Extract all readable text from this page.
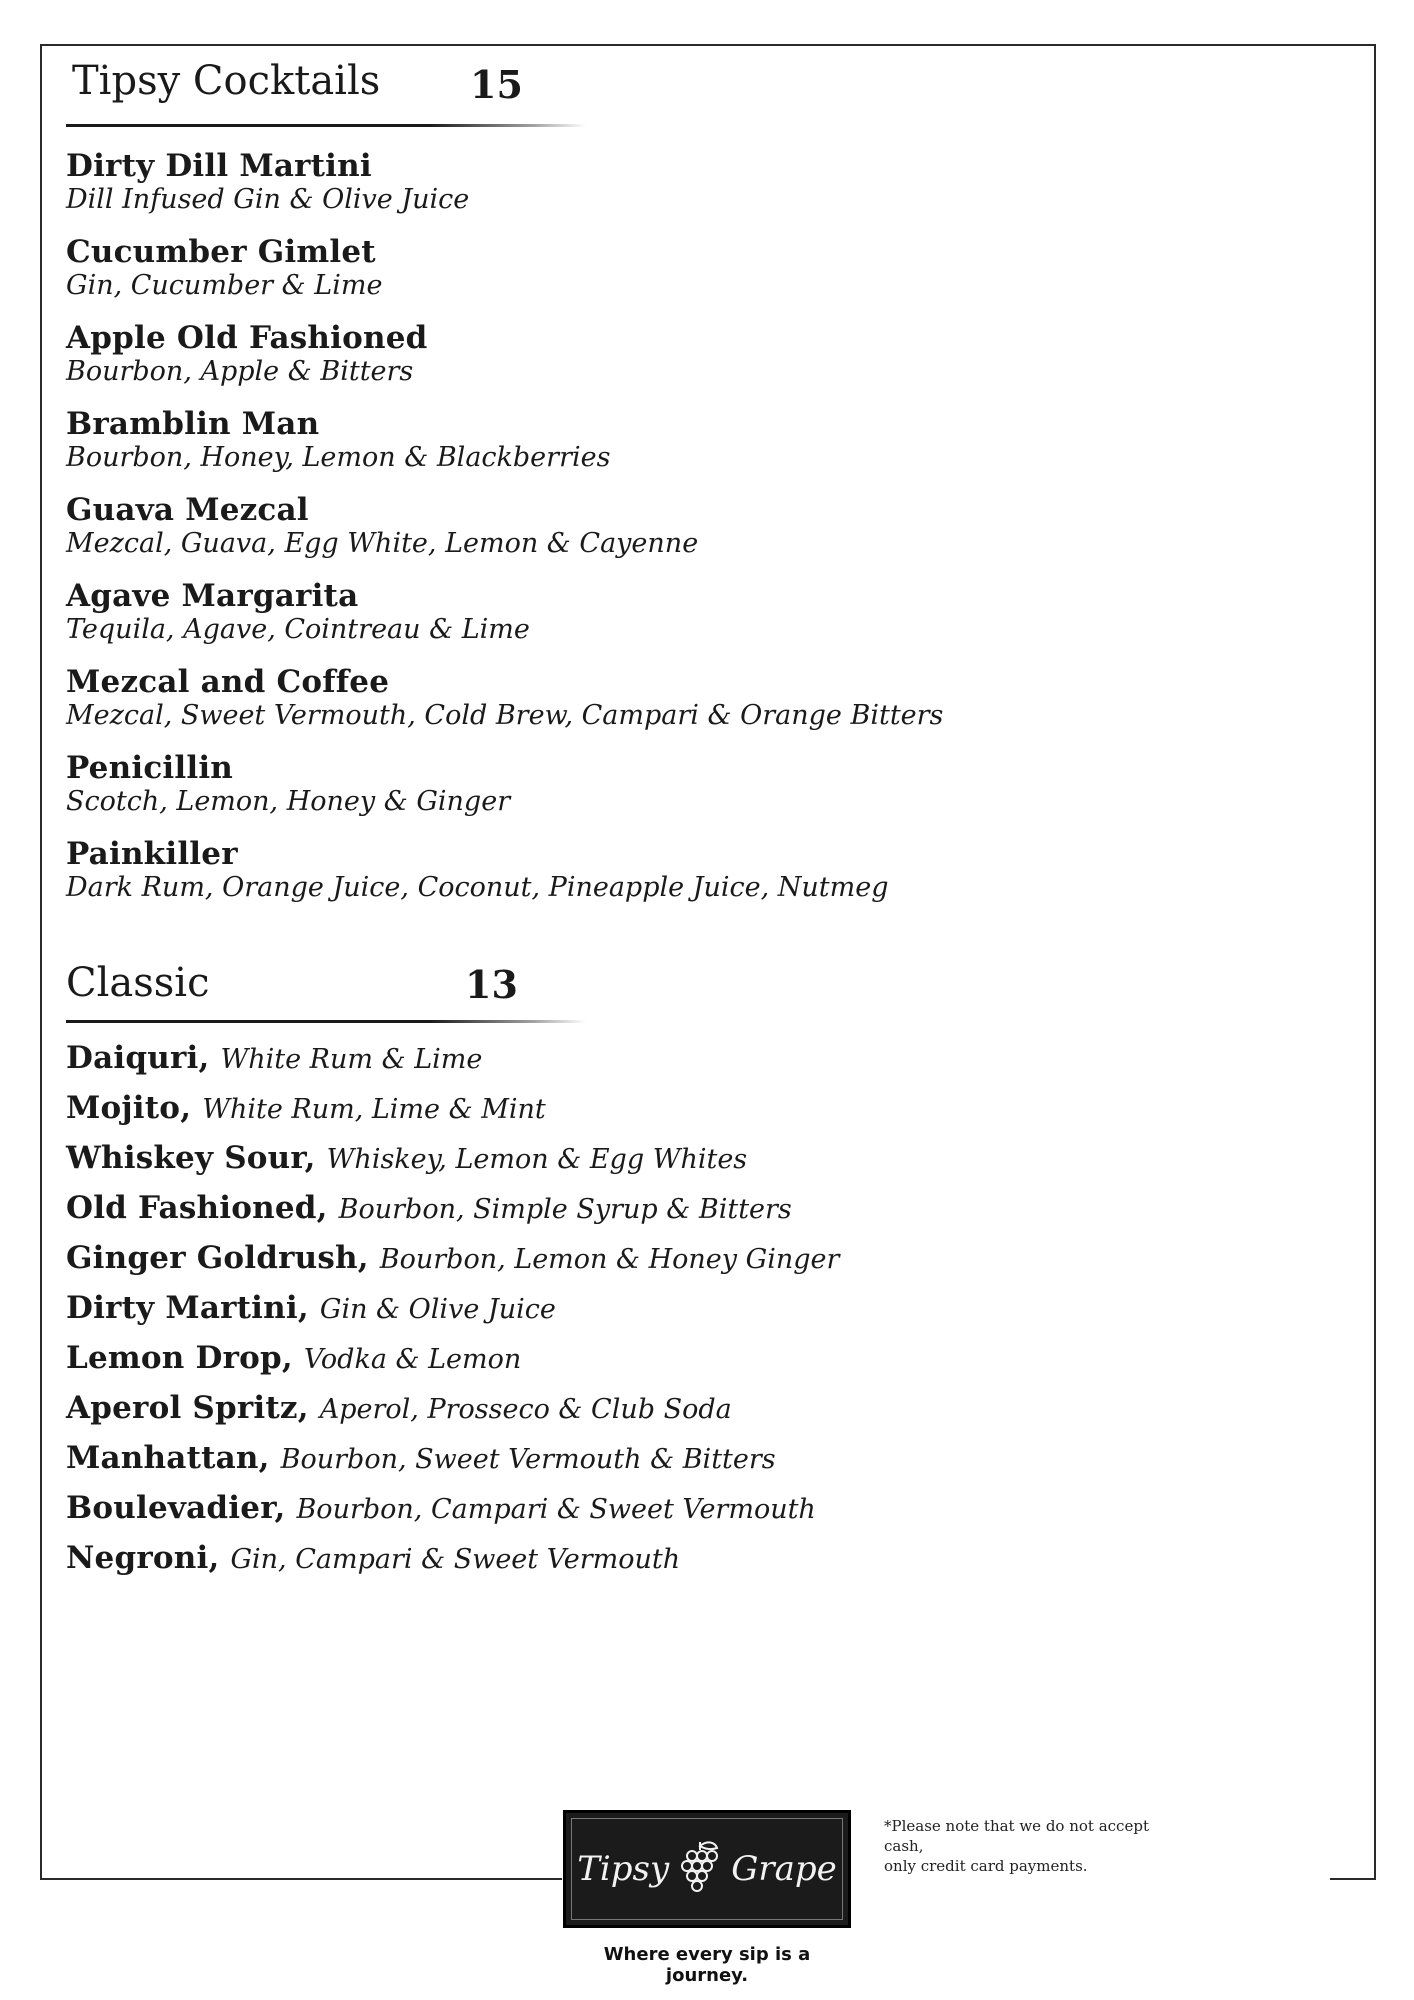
Tipsy Cocktails 15
Dirty Dill Martini
Dill Infused Gin & Olive Juice
Cucumber Gimlet
Gin, Cucumber & Lime
Apple Old Fashioned
Bourbon, Apple & Bitters
Bramblin Man
Bourbon, Honey, Lemon & Blackberries
Guava Mezcal
Mezcal, Guava, Egg White, Lemon & Cayenne
Agave Margarita
Tequila, Agave, Cointreau & Lime
Mezcal and Coffee
Mezcal, Sweet Vermouth, Cold Brew, Campari & Orange Bitters
Penicillin
Scotch, Lemon, Honey & Ginger
Painkiller
Dark Rum, Orange Juice, Coconut, Pineapple Juice, Nutmeg
Classic	13
Daiquri, White Rum & Lime
Mojito, White Rum, Lime & Mint
Whiskey Sour, Whiskey, Lemon & Egg Whites
Old Fashioned, Bourbon, Simple Syrup & Bitters
Ginger Goldrush, Bourbon, Lemon & Honey Ginger
Dirty Martini, Gin & Olive Juice
Lemon Drop, Vodka & Lemon
Aperol Spritz, Aperol, Prosseco & Club Soda
Manhattan, Bourbon, Sweet Vermouth & Bitters
Boulevadier, Bourbon, Campari & Sweet Vermouth
Negroni, Gin, Campari & Sweet Vermouth
Tipsy Grape
Where every sip is a journey.
*Please note that we do not accept cash,
only credit card payments.
